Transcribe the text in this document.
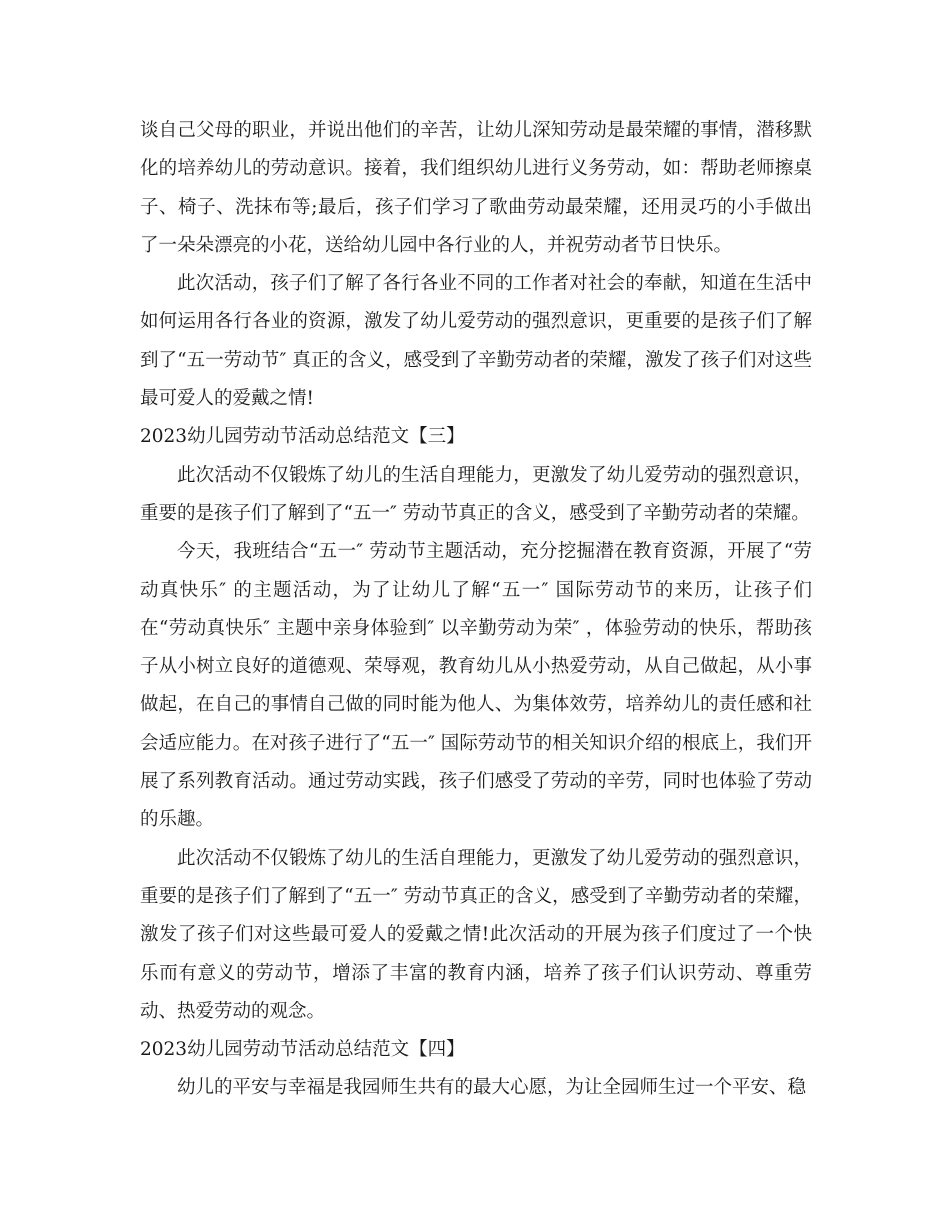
谈自己父母的职业，并说出他们的辛苦，让幼儿深知劳动是最荣耀的事情，潜移默化的培养幼儿的劳动意识。接着，我们组织幼儿进行义务劳动，如：帮助老师擦桌子、椅子、洗抹布等;最后，孩子们学习了歌曲劳动最荣耀，还用灵巧的小手做出了一朵朵漂亮的小花，送给幼儿园中各行业的人，并祝劳动者节日快乐。

此次活动，孩子们了解了各行各业不同的工作者对社会的奉献，知道在生活中如何运用各行各业的资源，激发了幼儿爱劳动的强烈意识，更重要的是孩子们了解到了“五一劳动节″ 真正的含义，感受到了辛勤劳动者的荣耀，激发了孩子们对这些最可爱人的爱戴之情!

2023幼儿园劳动节活动总结范文【三】

此次活动不仅锻炼了幼儿的生活自理能力，更激发了幼儿爱劳动的强烈意识，重要的是孩子们了解到了“五一″ 劳动节真正的含义，感受到了辛勤劳动者的荣耀。

今天，我班结合“五一″ 劳动节主题活动，充分挖掘潜在教育资源，开展了“劳动真快乐″ 的主题活动，为了让幼儿了解“五一″ 国际劳动节的来历，让孩子们在“劳动真快乐″ 主题中亲身体验到″ 以辛勤劳动为荣″ ，体验劳动的快乐，帮助孩子从小树立良好的道德观、荣辱观，教育幼儿从小热爱劳动，从自己做起，从小事做起，在自己的事情自己做的同时能为他人、为集体效劳，培养幼儿的责任感和社会适应能力。在对孩子进行了“五一″ 国际劳动节的相关知识介绍的根底上，我们开展了系列教育活动。通过劳动实践，孩子们感受了劳动的辛劳，同时也体验了劳动的乐趣。

此次活动不仅锻炼了幼儿的生活自理能力，更激发了幼儿爱劳动的强烈意识，重要的是孩子们了解到了“五一″ 劳动节真正的含义，感受到了辛勤劳动者的荣耀，激发了孩子们对这些最可爱人的爱戴之情!此次活动的开展为孩子们度过了一个快乐而有意义的劳动节，增添了丰富的教育内涵，培养了孩子们认识劳动、尊重劳动、热爱劳动的观念。

2023幼儿园劳动节活动总结范文【四】

幼儿的平安与幸福是我园师生共有的最大心愿，为让全园师生过一个平安、稳
